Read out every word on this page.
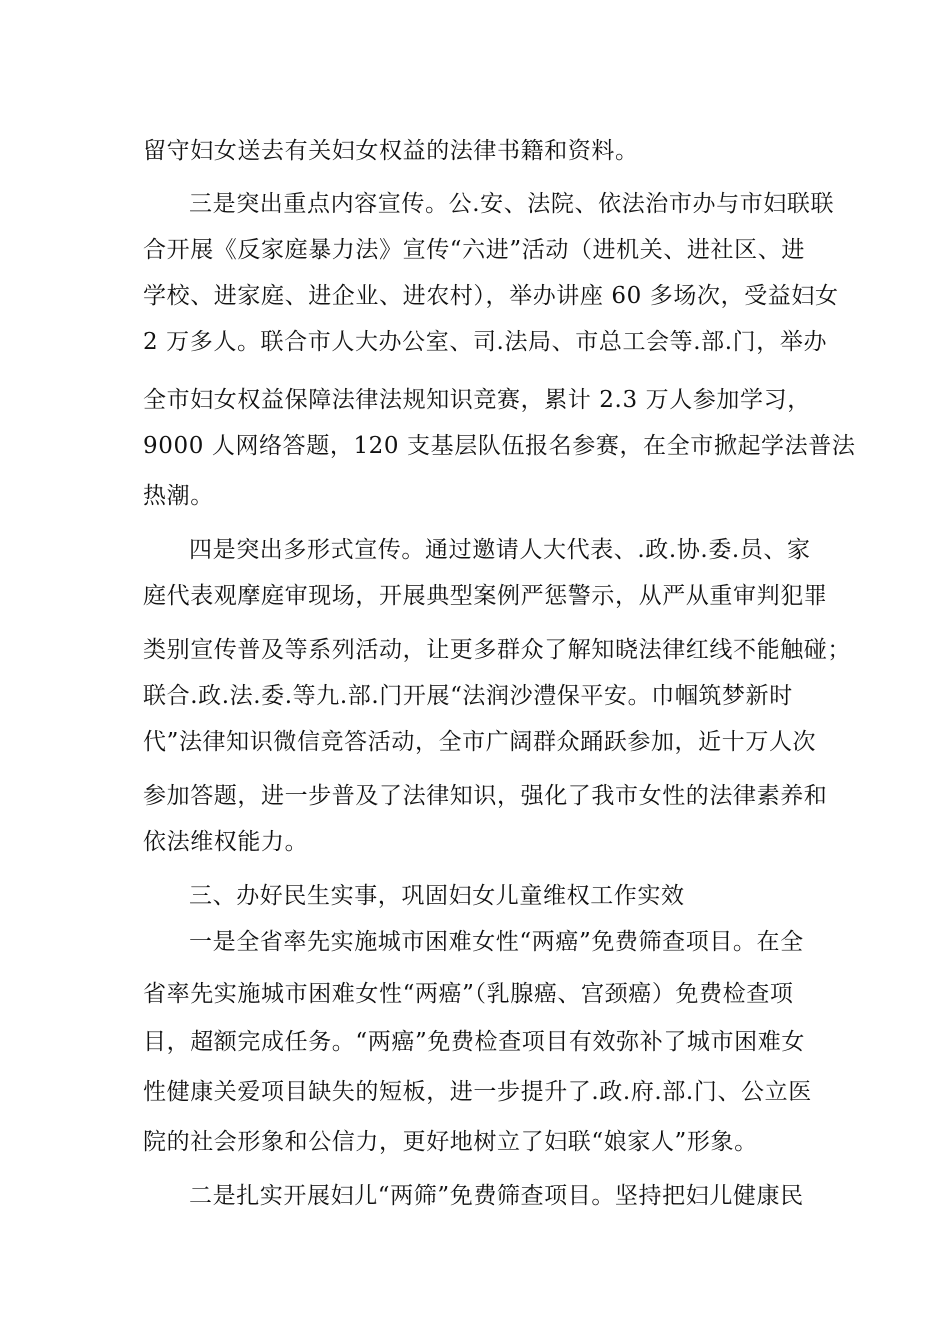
留守妇女送去有关妇女权益的法律书籍和资料。
三是突出重点内容宣传。公.安、法院、依法治市办与市妇联联
合开展《反家庭暴力法》宣传“六进”活动（进机关、进社区、进
学校、进家庭、进企业、进农村），举办讲座 60 多场次，受益妇女
2 万多人。联合市人大办公室、司.法局、市总工会等.部.门，举办
全市妇女权益保障法律法规知识竞赛，累计 2.3 万人参加学习，
9000 人网络答题，120 支基层队伍报名参赛，在全市掀起学法普法
热潮。
四是突出多形式宣传。通过邀请人大代表、.政.协.委.员、家
庭代表观摩庭审现场，开展典型案例严惩警示，从严从重审判犯罪
类别宣传普及等系列活动，让更多群众了解知晓法律红线不能触碰；
联合.政.法.委.等九.部.门开展“法润沙澧保平安。巾帼筑梦新时
代”法律知识微信竞答活动，全市广阔群众踊跃参加，近十万人次
参加答题，进一步普及了法律知识，强化了我市女性的法律素养和
依法维权能力。
三、办好民生实事，巩固妇女儿童维权工作实效
一是全省率先实施城市困难女性“两癌”免费筛查项目。在全
省率先实施城市困难女性“两癌”（乳腺癌、宫颈癌）免费检查项
目，超额完成任务。“两癌”免费检查项目有效弥补了城市困难女
性健康关爱项目缺失的短板，进一步提升了.政.府.部.门、公立医
院的社会形象和公信力，更好地树立了妇联“娘家人”形象。
二是扎实开展妇儿“两筛”免费筛查项目。坚持把妇儿健康民
